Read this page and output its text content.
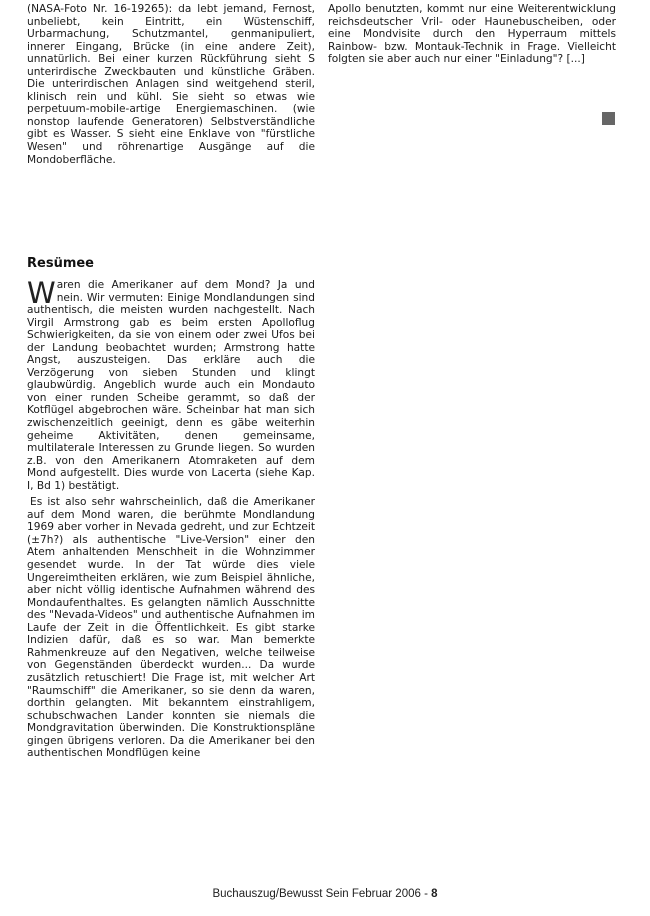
(NASA-Foto Nr. 16-19265): da lebt jemand, Fernost, unbeliebt, kein Eintritt, ein Wüstenschiff, Urbarmachung, Schutzmantel, genmanipuliert, innerer Eingang, Brücke (in eine andere Zeit), unnatürlich. Bei einer kurzen Rückführung sieht S unterirdische Zweckbauten und künstliche Gräben. Die unterirdischen Anlagen sind weitgehend steril, klinisch rein und kühl. Sie sieht so etwas wie perpetuum-mobile-artige Energiemaschinen. (wie nonstop laufende Generatoren) Selbstverständliche gibt es Wasser. S sieht eine Enklave von "fürstliche Wesen" und röhrenartige Ausgänge auf die Mondoberfläche.

Apollo benutzten, kommt nur eine Weiterentwicklung reichsdeutscher Vril- oder Haunebuscheiben, oder eine Mondvisite durch den Hyperraum mittels Rainbow- bzw. Montauk-Technik in Frage. Vielleicht folgten sie aber auch nur einer "Einladung"? [...]

Resümee

Waren die Amerikaner auf dem Mond? Ja und nein. Wir vermuten: Einige Mondlandungen sind authentisch, die meisten wurden nachgestellt. Nach Virgil Armstrong gab es beim ersten Apolloflug Schwierigkeiten, da sie von einem oder zwei Ufos bei der Landung beobachtet wurden; Armstrong hatte Angst, auszusteigen. Das erkläre auch die Verzögerung von sieben Stunden und klingt glaubwürdig. Angeblich wurde auch ein Mondauto von einer runden Scheibe gerammt, so daß der Kotflügel abgebrochen wäre. Scheinbar hat man sich zwischenzeitlich geeinigt, denn es gäbe weiterhin geheime Aktivitäten, denen gemeinsame, multilaterale Interessen zu Grunde liegen. So wurden z.B. von den Amerikanern Atomraketen auf dem Mond aufgestellt. Dies wurde von Lacerta (siehe Kap. I, Bd 1) bestätigt.

Es ist also sehr wahrscheinlich, daß die Amerikaner auf dem Mond waren, die berühmte Mondlandung 1969 aber vorher in Nevada gedreht, und zur Echtzeit (±7h?) als authentische "Live-Version" einer den Atem anhaltenden Menschheit in die Wohnzimmer gesendet wurde. In der Tat würde dies viele Ungereimtheiten erklären, wie zum Beispiel ähnliche, aber nicht völlig identische Aufnahmen während des Mondaufenthaltes. Es gelangten nämlich Ausschnitte des "Nevada-Videos" und authentische Aufnahmen im Laufe der Zeit in die Öffentlichkeit. Es gibt starke Indizien dafür, daß es so war. Man bemerkte Rahmenkreuze auf den Negativen, welche teilweise von Gegenständen überdeckt wurden... Da wurde zusätzlich retuschiert! Die Frage ist, mit welcher Art "Raumschiff" die Amerikaner, so sie denn da waren, dorthin gelangten. Mit bekanntem einstrahligem, schubschwachen Lander konnten sie niemals die Mondgravitation überwinden. Die Konstruktionspläne gingen übrigens verloren. Da die Amerikaner bei den authentischen Mondflügen keine

Buchauszug/Bewusst Sein Februar 2006 - 8
